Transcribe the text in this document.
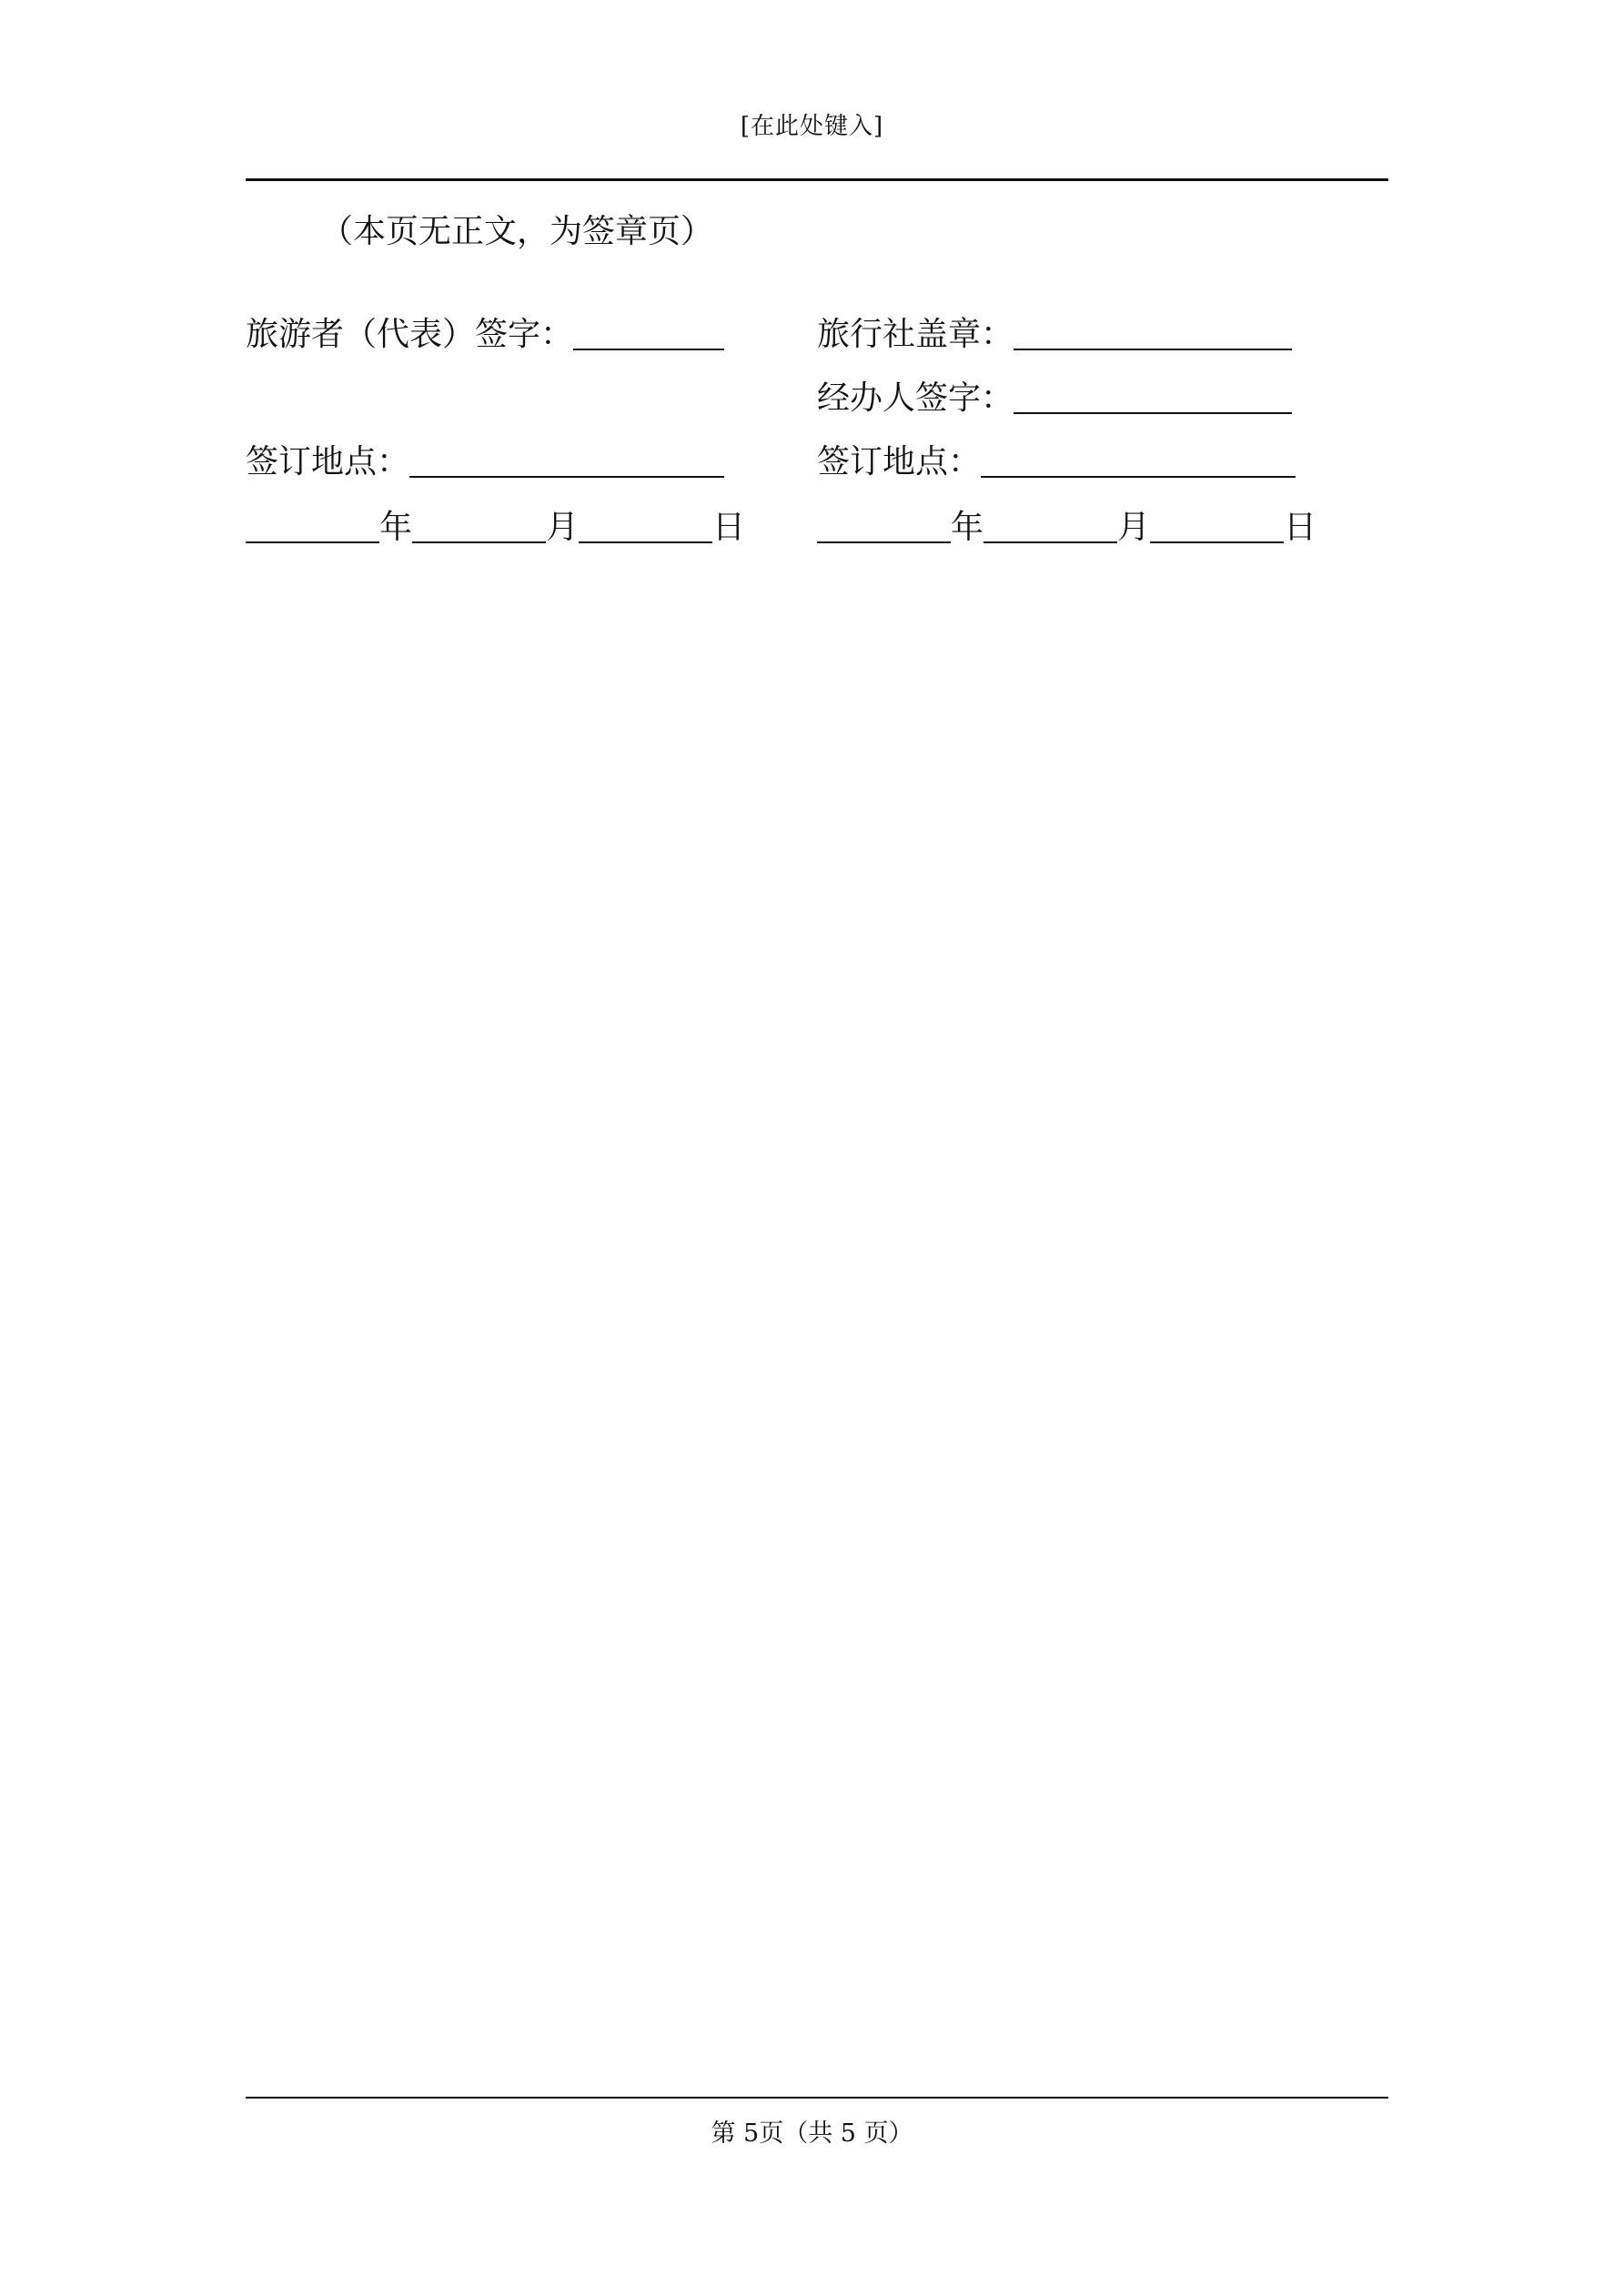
[在此处键入]
（本页无正文，为签章页）
旅游者（代表）签字：
签订地点：
年	月	日
旅行社盖章：
经办人签字：
签订地点：
年	月	日
第 5页（共 5 页）
